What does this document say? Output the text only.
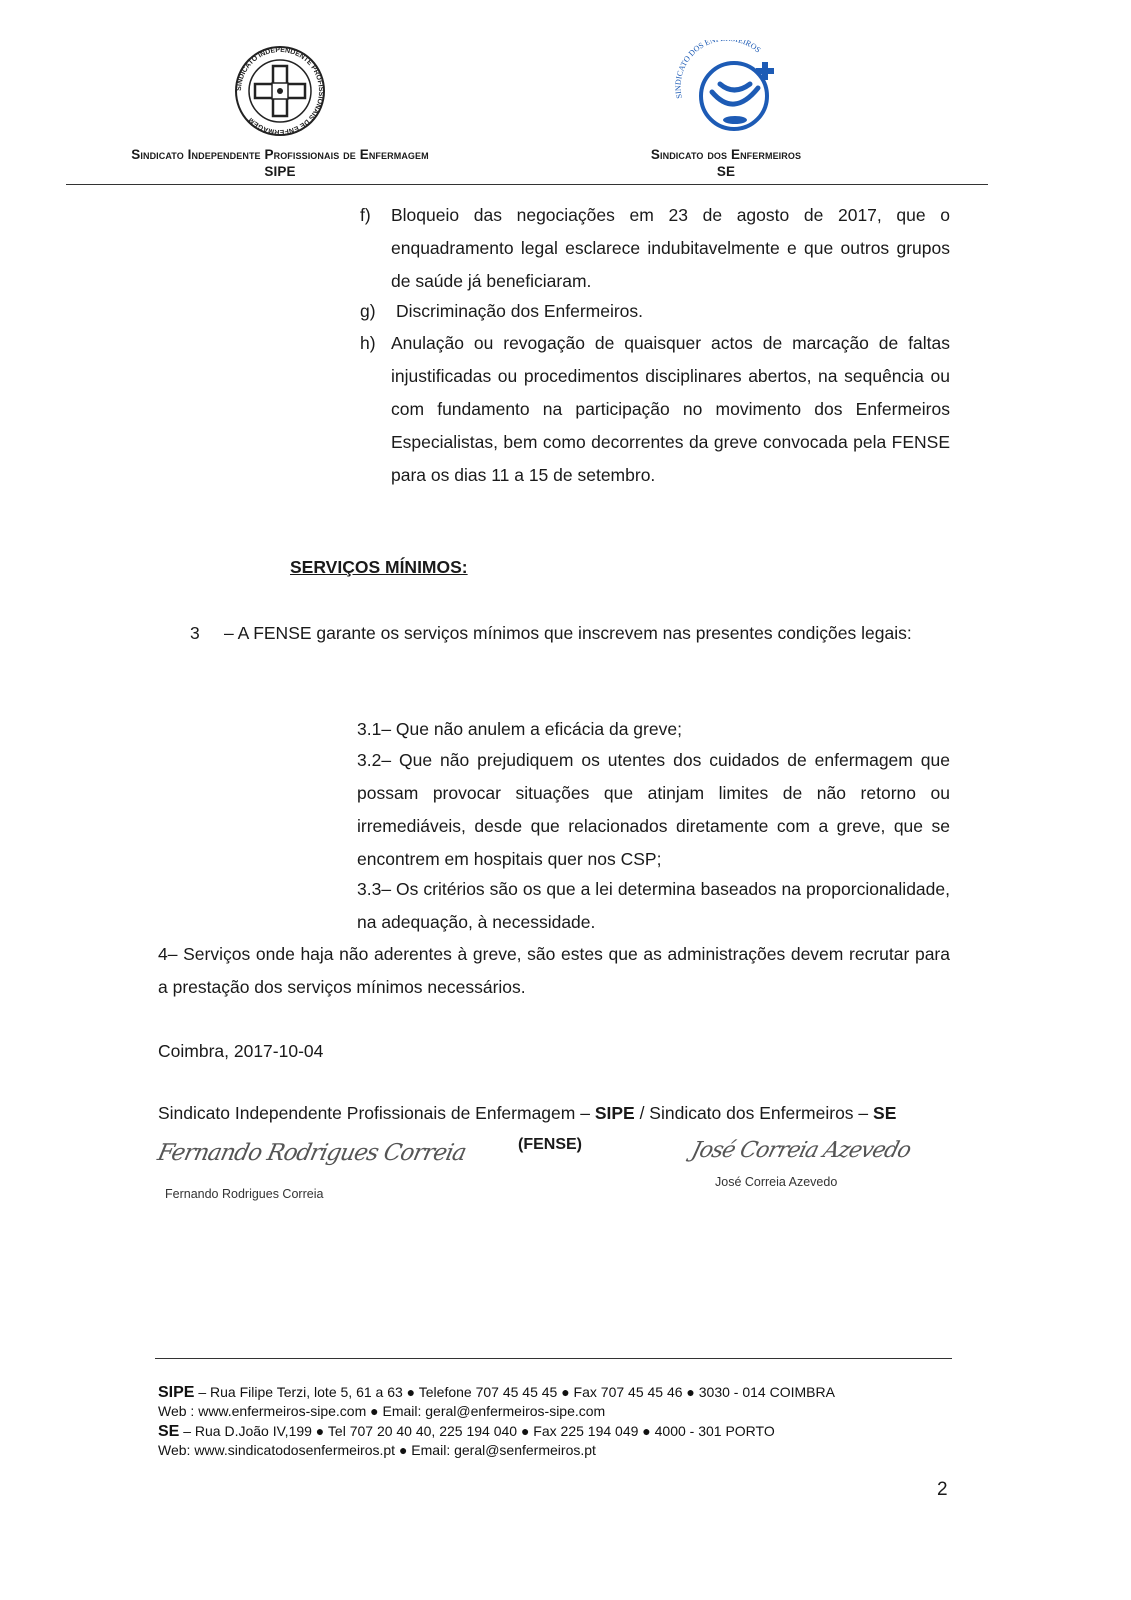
SINDICATO INDEPENDENTE PROFISSIONAIS DE ENFERMAGEM
Sindicato Independente Profissionais de Enfermagem
SIPE
SINDICATO DOS EN EIROS
Sindicato dos Enfermeiros
SE
f)	Bloqueio das negociações em 23 de agosto de 2017, que o enquadramento legal esclarece indubitavelmente e que outros grupos de saúde já beneficiaram.
g)	Discriminação dos Enfermeiros.
h) Anulação ou revogação de quaisquer actos de marcação de faltas injustificadas ou procedimentos disciplinares abertos, na sequência ou com fundamento na participação no movimento dos Enfermeiros Especialistas, bem como decorrentes da greve convocada pela FENSE para os dias 11 a 15 de setembro.
SERVIÇOS MÍNIMOS:
3 – A FENSE garante os serviços mínimos que inscrevem nas presentes condições legais:
3.1– Que não anulem a eficácia da greve;
3.2– Que não prejudiquem os utentes dos cuidados de enfermagem que possam provocar situações que atinjam limites de não retorno ou irremediáveis, desde que relacionados diretamente com a greve, que se encontrem em hospitais quer nos CSP;
3.3– Os critérios são os que a lei determina baseados na proporcionalidade, na adequação, à necessidade.
4– Serviços onde haja não aderentes à greve, são estes que as administrações devem recrutar para a prestação dos serviços mínimos necessários.
Coimbra, 2017-10-04
Sindicato Independente Profissionais de Enfermagem – SIPE / Sindicato dos Enfermeiros – SE
(FENSE)
Fernando Rodrigues Correia
Fernando Rodrigues Correia
José Correia Azevedo
José Correia Azevedo
SIPE – Rua Filipe Terzi, lote 5, 61 a 63 ● Telefone 707 45 45 45 ● Fax 707 45 45 46 ● 3030 - 014 COIMBRA
Web : www.enfermeiros-sipe.com ● Email: geral@enfermeiros-sipe.com
SE – Rua D.João IV,199 ● Tel 707 20 40 40, 225 194 040 ● Fax 225 194 049 ● 4000 - 301 PORTO
Web: www.sindicatodosenfermeiros.pt ● Email: geral@senfermeiros.pt
2
